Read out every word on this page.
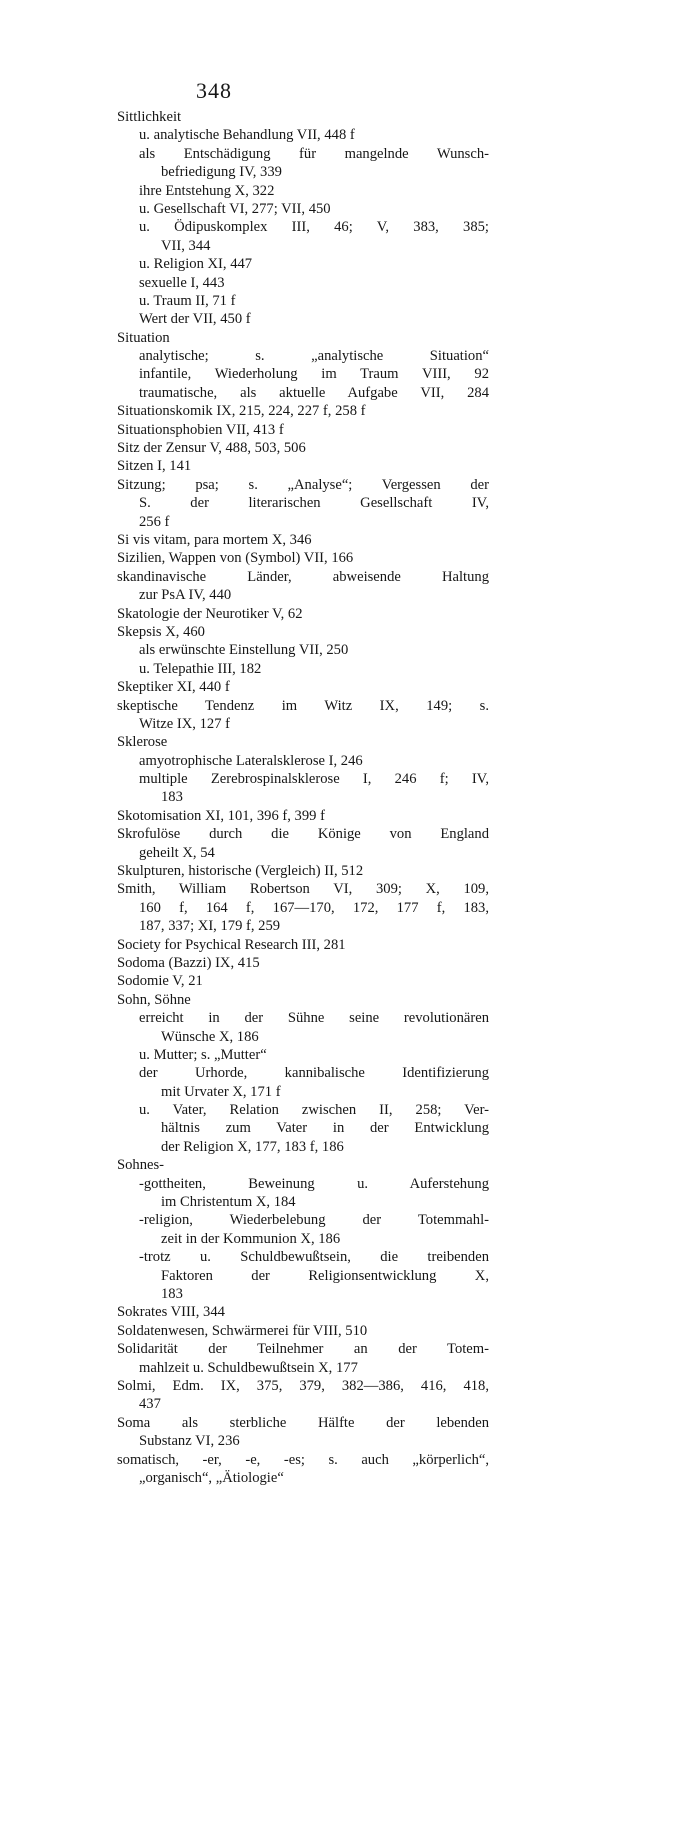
348
Sittlichkeit
u. analytische Behandlung VII, 448 f
als Entschädigung für mangelnde Wunsch-
befriedigung IV, 339
ihre Entstehung X, 322
u. Gesellschaft VI, 277; VII, 450
u. Ödipuskomplex III, 46; V, 383, 385;
VII, 344
u. Religion XI, 447
sexuelle I, 443
u. Traum II, 71 f
Wert der VII, 450 f
Situation
analytische; s. „analytische Situation“
infantile, Wiederholung im Traum VIII, 92
traumatische, als aktuelle Aufgabe VII, 284
Situationskomik IX, 215, 224, 227 f, 258 f
Situationsphobien VII, 413 f
Sitz der Zensur V, 488, 503, 506
Sitzen I, 141
Sitzung; psa; s. „Analyse“; Vergessen der
S. der literarischen Gesellschaft IV,
256 f
Si vis vitam, para mortem X, 346
Sizilien, Wappen von (Symbol) VII, 166
skandinavische Länder, abweisende Haltung
zur PsA IV, 440
Skatologie der Neurotiker V, 62
Skepsis X, 460
als erwünschte Einstellung VII, 250
u. Telepathie III, 182
Skeptiker XI, 440 f
skeptische Tendenz im Witz IX, 149; s.
Witze IX, 127 f
Sklerose
amyotrophische Lateralsklerose I, 246
multiple Zerebrospinalsklerose I, 246 f; IV,
183
Skotomisation XI, 101, 396 f, 399 f
Skrofulöse durch die Könige von England
geheilt X, 54
Skulpturen, historische (Vergleich) II, 512
Smith, William Robertson VI, 309; X, 109,
160 f, 164 f, 167—170, 172, 177 f, 183,
187, 337; XI, 179 f, 259
Society for Psychical Research III, 281
Sodoma (Bazzi) IX, 415
Sodomie V, 21
Sohn, Söhne
erreicht in der Sühne seine revolutionären
Wünsche X, 186
u. Mutter; s. „Mutter“
der Urhorde, kannibalische Identifizierung
mit Urvater X, 171 f
u. Vater, Relation zwischen II, 258; Ver-
hältnis zum Vater in der Entwicklung
der Religion X, 177, 183 f, 186
Sohnes-
-gottheiten, Beweinung u. Auferstehung
im Christentum X, 184
-religion, Wiederbelebung der Totemmahl-
zeit in der Kommunion X, 186
-trotz u. Schuldbewußtsein, die treibenden
Faktoren der Religionsentwicklung X,
183
Sokrates VIII, 344
Soldatenwesen, Schwärmerei für VIII, 510
Solidarität der Teilnehmer an der Totem-
mahlzeit u. Schuldbewußtsein X, 177
Solmi, Edm. IX, 375, 379, 382—386, 416, 418,
437
Soma als sterbliche Hälfte der lebenden
Substanz VI, 236
somatisch, -er, -e, -es; s. auch „körperlich“,
„organisch“, „Ätiologie“
